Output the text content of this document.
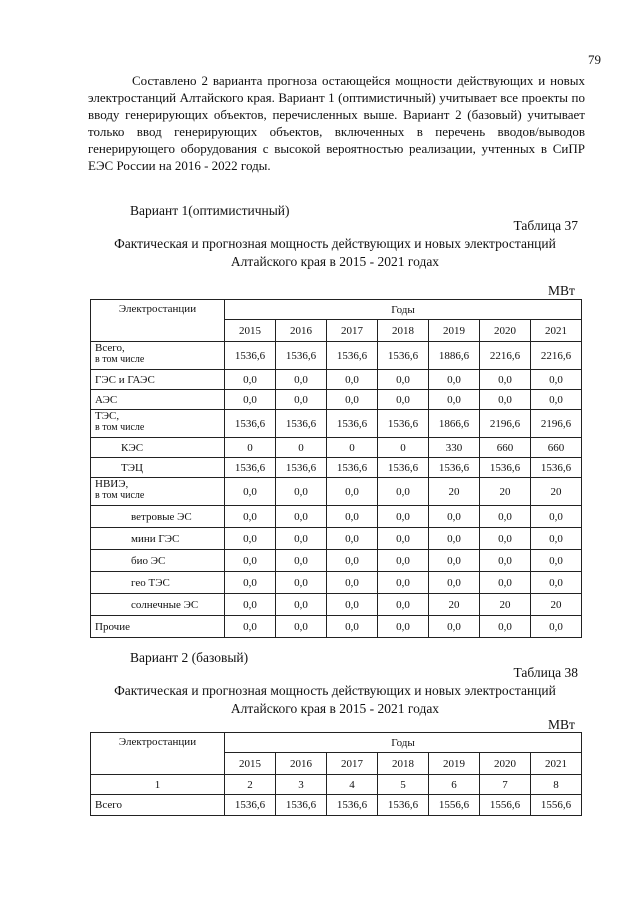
79
Составлено 2 варианта прогноза остающейся мощности действующих и новых электростанций Алтайского края. Вариант 1 (оптимистичный) учитывает все проекты по вводу генерирующих объектов, перечисленных выше. Вариант 2 (базовый) учитывает только ввод генерирующих объектов, включенных в перечень вводов/выводов генерирующего оборудования с высокой вероятностью реализации, учтенных в СиПР ЕЭС России на 2016 - 2022 годы.
Вариант 1(оптимистичный)
Таблица 37
Фактическая и прогнозная мощность действующих и новых электростанций
Алтайского края в 2015 - 2021 годах
МВт
Электростанции	Годы						
	2015	2016	2017	2018	2019	2020	2021

Всего,
в том числе	1536,6	1536,6	1536,6	1536,6	1886,6	2216,6	2216,6
ГЭС и ГАЭС	0,0	0,0	0,0	0,0	0,0	0,0	0,0
АЭС	0,0	0,0	0,0	0,0	0,0	0,0	0,0

ТЭС,
в том числе	1536,6	1536,6	1536,6	1536,6	1866,6	2196,6	2196,6
КЭС	0	0	0	0	330	660	660
ТЭЦ	1536,6	1536,6	1536,6	1536,6	1536,6	1536,6	1536,6

НВИЭ,
в том числе	0,0	0,0	0,0	0,0	20	20	20
ветровые ЭС	0,0	0,0	0,0	0,0	0,0	0,0	0,0
мини ГЭС	0,0	0,0	0,0	0,0	0,0	0,0	0,0
био ЭС	0,0	0,0	0,0	0,0	0,0	0,0	0,0
гео ТЭС	0,0	0,0	0,0	0,0	0,0	0,0	0,0
солнечные ЭС	0,0	0,0	0,0	0,0	20	20	20
Прочие	0,0	0,0	0,0	0,0	0,0	0,0	0,0
Вариант 2 (базовый)
Таблица 38
Фактическая и прогнозная мощность действующих и новых электростанций
Алтайского края в 2015 - 2021 годах
МВт
Электростанции	Годы						
	2015	2016	2017	2018	2019	2020	2021
1	2	3	4	5	6	7	8
Всего	1536,6	1536,6	1536,6	1536,6	1556,6	1556,6	1556,6
